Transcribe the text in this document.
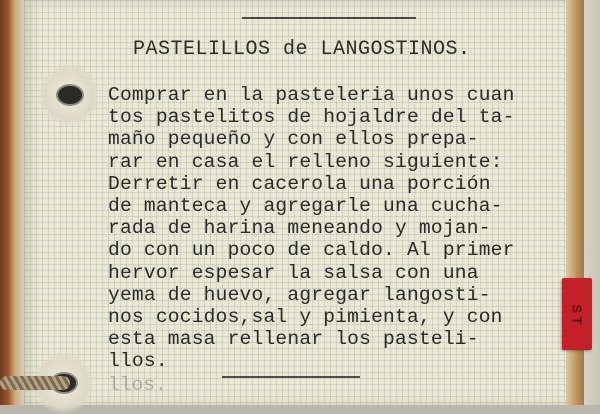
PASTELILLOS de LANGOSTINOS.
Comprar en la pasteleria unos cuan
tos pastelitos de hojaldre del ta-
maño pequeño y con ellos prepa-
rar en casa el relleno siguiente:
Derretir en cacerola una porción
de manteca y agregarle una cucha-
rada de harina meneando y mojan-
do con un poco de caldo. Al primer
hervor espesar la salsa con una
yema de huevo, agregar langosti-
nos cocidos,sal y pimienta, y con
esta masa rellenar los pasteli-
llos.
llos.
S T
